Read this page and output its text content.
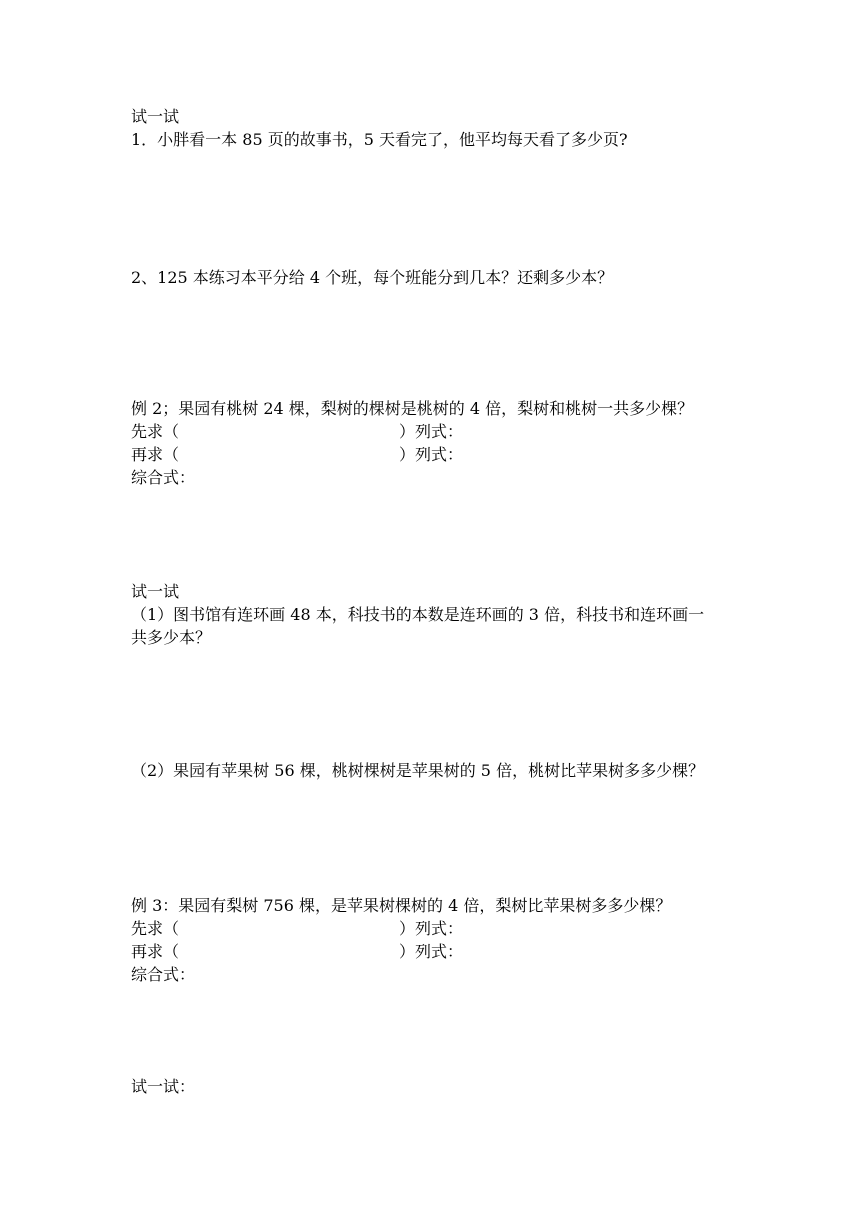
试一试
1．小胖看一本 85 页的故事书，5 天看完了，他平均每天看了多少页?
2、125 本练习本平分给 4 个班，每个班能分到几本？还剩多少本？
例 2；果园有桃树 24 棵，梨树的棵树是桃树的 4 倍，梨树和桃树一共多少棵？
先求（	）列式：
再求（	）列式：
综合式：
试一试
（1）图书馆有连环画 48 本，科技书的本数是连环画的 3 倍，科技书和连环画一
共多少本？
（2）果园有苹果树 56 棵，桃树棵树是苹果树的 5 倍，桃树比苹果树多多少棵？
例 3：果园有梨树 756 棵，是苹果树棵树的 4 倍，梨树比苹果树多多少棵？
先求（	）列式：
再求（	）列式：
综合式：
试一试：
